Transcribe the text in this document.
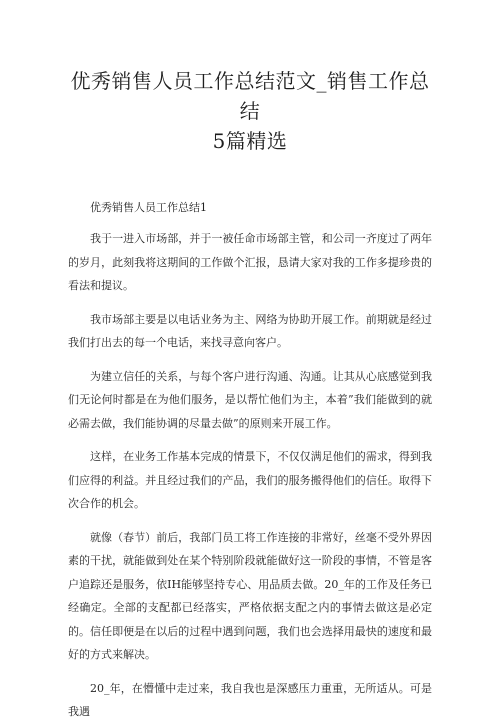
优秀销售人员工作总结范文_销售工作总结
5篇精选

优秀销售人员工作总结1

我于一进入市场部，并于一被任命市场部主管，和公司一齐度过了两年的岁月，此刻我将这期间的工作做个汇报，恳请大家对我的工作多提珍贵的看法和提议。

我市场部主要是以电话业务为主、网络为协助开展工作。前期就是经过我们打出去的每一个电话，来找寻意向客户。

为建立信任的关系，与每个客户进行沟通、沟通。让其从心底感觉到我们无论何时都是在为他们服务，是以帮忙他们为主，本着”我们能做到的就必需去做，我们能协调的尽量去做”的原则来开展工作。

这样，在业务工作基本完成的情景下，不仅仅满足他们的需求，得到我们应得的利益。并且经过我们的产品，我们的服务搬得他们的信任。取得下次合作的机会。

就像（春节）前后，我部门员工将工作连接的非常好，丝毫不受外界因素的干扰，就能做到处在某个特别阶段就能做好这一阶段的事情，不管是客户追踪还是服务，依IH能够坚持专心、用品质去做。20_年的工作及任务已经确定。全部的支配都已经落实，严格依据支配之内的事情去做这是必定的。信任即便是在以后的过程中遇到问题，我们也会选择用最快的速度和最好的方式来解决。

20_年，在懵懂中走过来，我自我也是深感压力重重，无所适从。可是我遇
